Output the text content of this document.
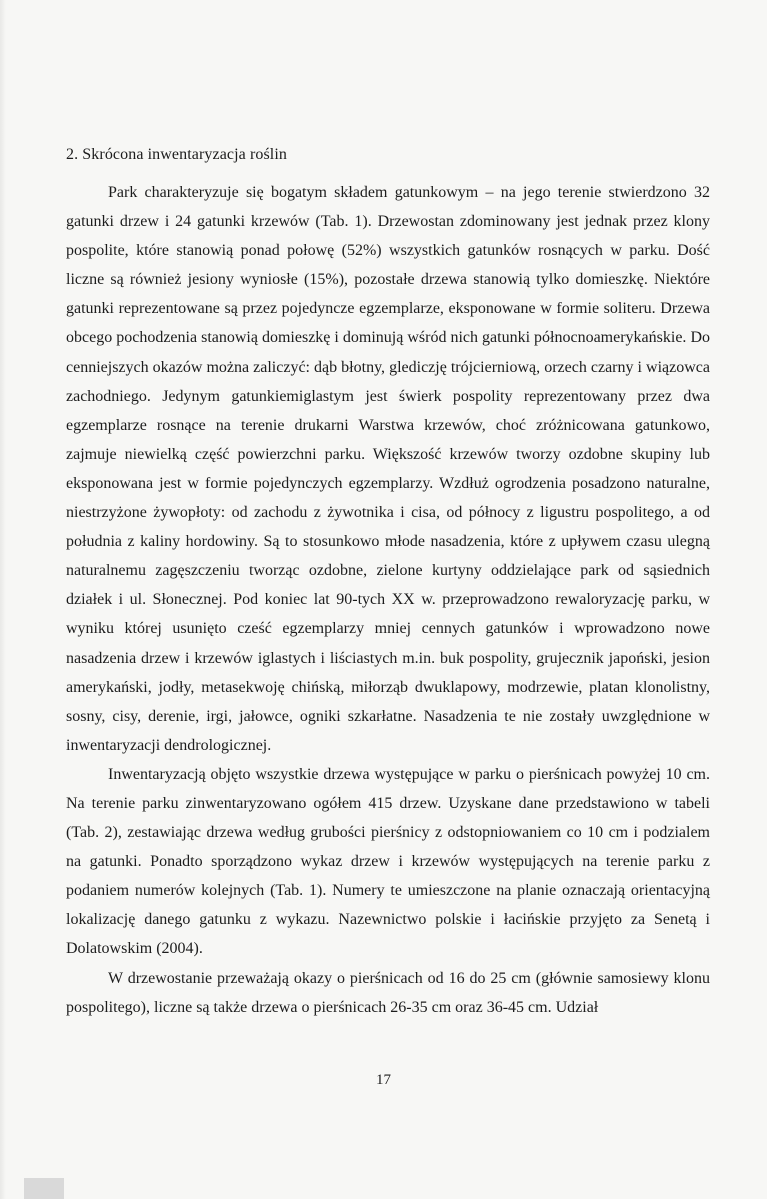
2. Skrócona inwentaryzacja roślin

Park charakteryzuje się bogatym składem gatunkowym – na jego terenie stwierdzono 32 gatunki drzew i 24 gatunki krzewów (Tab. 1). Drzewostan zdominowany jest jednak przez klony pospolite, które stanowią ponad połowę (52%) wszystkich gatunków rosnących w parku. Dość liczne są również jesiony wyniosłe (15%), pozostałe drzewa stanowią tylko domieszkę. Niektóre gatunki reprezentowane są przez pojedyncze egzemplarze, eksponowane w formie soliteru. Drzewa obcego pochodzenia stanowią domieszkę i dominują wśród nich gatunki północnoamerykańskie. Do cenniejszych okazów można zaliczyć: dąb błotny, glediczję trójcierniową, orzech czarny i wiązowca zachodniego. Jedynym gatunkiemiglastym jest świerk pospolity reprezentowany przez dwa egzemplarze rosnące na terenie drukarni Warstwa krzewów, choć zróżnicowana gatunkowo, zajmuje niewielką część powierzchni parku. Większość krzewów tworzy ozdobne skupiny lub eksponowana jest w formie pojedynczych egzemplarzy. Wzdłuż ogrodzenia posadzono naturalne, niestrzyżone żywopłoty: od zachodu z żywotnika i cisa, od północy z ligustru pospolitego, a od południa z kaliny hordowiny. Są to stosunkowo młode nasadzenia, które z upływem czasu ulegną naturalnemu zagęszczeniu tworząc ozdobne, zielone kurtyny oddzielające park od sąsiednich działek i ul. Słonecznej. Pod koniec lat 90-tych XX w. przeprowadzono rewaloryzację parku, w wyniku której usunięto cześć egzemplarzy mniej cennych gatunków i wprowadzono nowe nasadzenia drzew i krzewów iglastych i liściastych m.in. buk pospolity, grujecznik japoński, jesion amerykański, jodły, metasekwoję chińską, miłorząb dwuklapowy, modrzewie, platan klonolistny, sosny, cisy, derenie, irgi, jałowce, ogniki szkarłatne. Nasadzenia te nie zostały uwzględnione w inwentaryzacji dendrologicznej.

Inwentaryzacją objęto wszystkie drzewa występujące w parku o pierśnicach powyżej 10 cm. Na terenie parku zinwentaryzowano ogółem 415 drzew. Uzyskane dane przedstawiono w tabeli (Tab. 2), zestawiając drzewa według grubości pierśnicy z odstopniowaniem co 10 cm i podzialem na gatunki. Ponadto sporządzono wykaz drzew i krzewów występujących na terenie parku z podaniem numerów kolejnych (Tab. 1). Numery te umieszczone na planie oznaczają orientacyjną lokalizację danego gatunku z wykazu. Nazewnictwo polskie i łacińskie przyjęto za Senetą i Dolatowskim (2004).

W drzewostanie przeważają okazy o pierśnicach od 16 do 25 cm (głównie samosiewy klonu pospolitego), liczne są także drzewa o pierśnicach 26-35 cm oraz 36-45 cm. Udział

17
